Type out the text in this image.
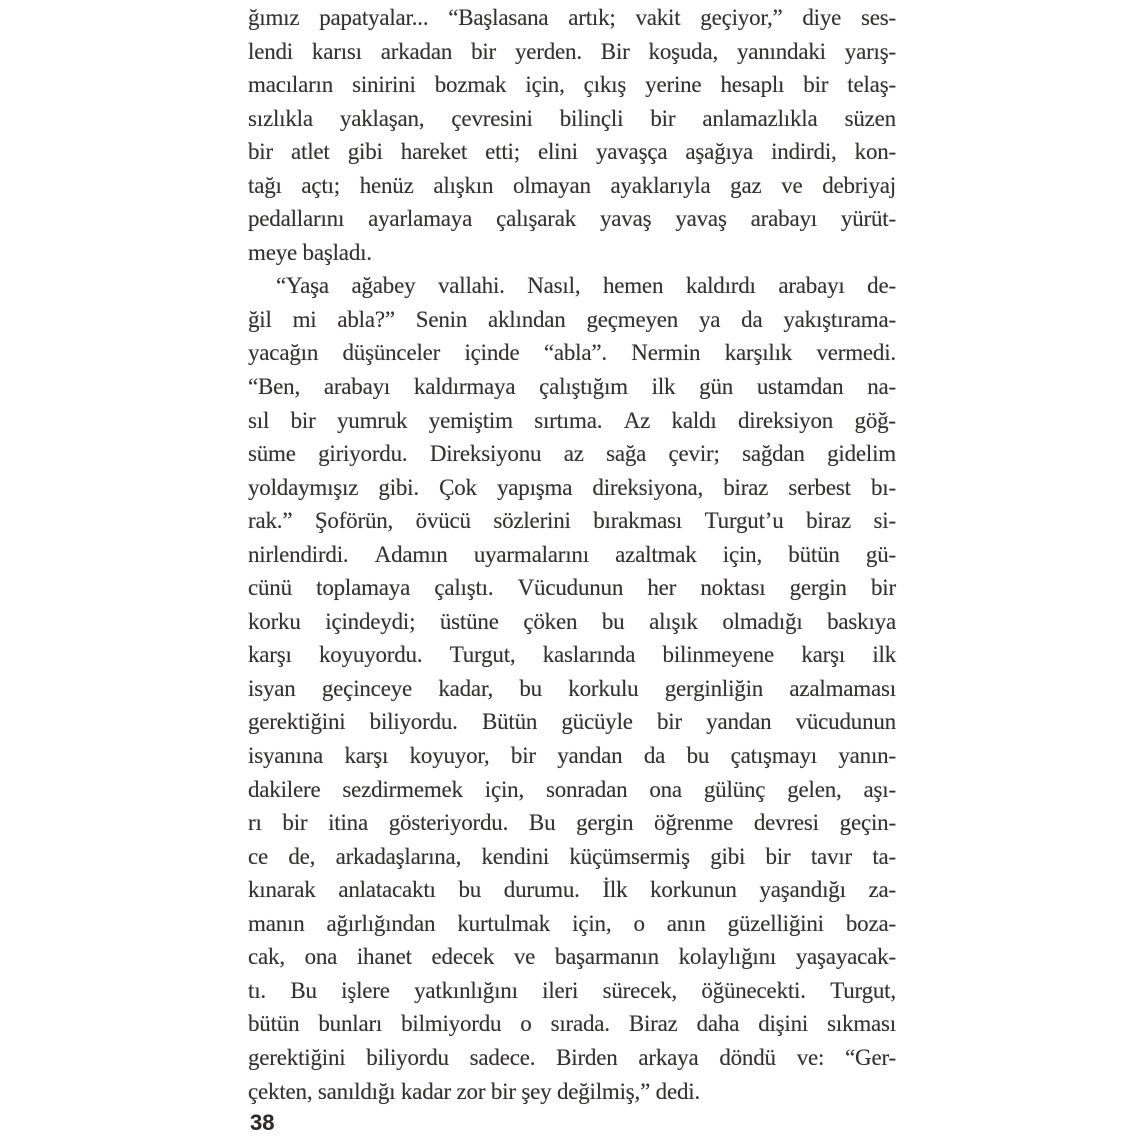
ğımız papatyalar... “Başlasana artık; vakit geçiyor,” diye ses-
lendi karısı arkadan bir yerden. Bir koşuda, yanındaki yarış-
macıların sinirini bozmak için, çıkış yerine hesaplı bir telaş-
sızlıkla yaklaşan, çevresini bilinçli bir anlamazlıkla süzen
bir atlet gibi hareket etti; elini yavaşça aşağıya indirdi, kon-
tağı açtı; henüz alışkın olmayan ayaklarıyla gaz ve debriyaj
pedallarını ayarlamaya çalışarak yavaş yavaş arabayı yürüt-
meye başladı.
“Yaşa ağabey vallahi. Nasıl, hemen kaldırdı arabayı de-
ğil mi abla?” Senin aklından geçmeyen ya da yakıştırama-
yacağın düşünceler içinde “abla”. Nermin karşılık vermedi.
“Ben, arabayı kaldırmaya çalıştığım ilk gün ustamdan na-
sıl bir yumruk yemiştim sırtıma. Az kaldı direksiyon göğ-
süme giriyordu. Direksiyonu az sağa çevir; sağdan gidelim
yoldaymışız gibi. Çok yapışma direksiyona, biraz serbest bı-
rak.” Şoförün, övücü sözlerini bırakması Turgut’u biraz si-
nirlendirdi. Adamın uyarmalarını azaltmak için, bütün gü-
cünü toplamaya çalıştı. Vücudunun her noktası gergin bir
korku içindeydi; üstüne çöken bu alışık olmadığı baskıya
karşı koyuyordu. Turgut, kaslarında bilinmeyene karşı ilk
isyan geçinceye kadar, bu korkulu gerginliğin azalmaması
gerektiğini biliyordu. Bütün gücüyle bir yandan vücudunun
isyanına karşı koyuyor, bir yandan da bu çatışmayı yanın-
dakilere sezdirmemek için, sonradan ona gülünç gelen, aşı-
rı bir itina gösteriyordu. Bu gergin öğrenme devresi geçin-
ce de, arkadaşlarına, kendini küçümsermiş gibi bir tavır ta-
kınarak anlatacaktı bu durumu. İlk korkunun yaşandığı za-
manın ağırlığından kurtulmak için, o anın güzelliğini boza-
cak, ona ihanet edecek ve başarmanın kolaylığını yaşayacak-
tı. Bu işlere yatkınlığını ileri sürecek, öğünecekti. Turgut,
bütün bunları bilmiyordu o sırada. Biraz daha dişini sıkması
gerektiğini biliyordu sadece. Birden arkaya döndü ve: “Ger-
çekten, sanıldığı kadar zor bir şey değilmiş,” dedi.
38
